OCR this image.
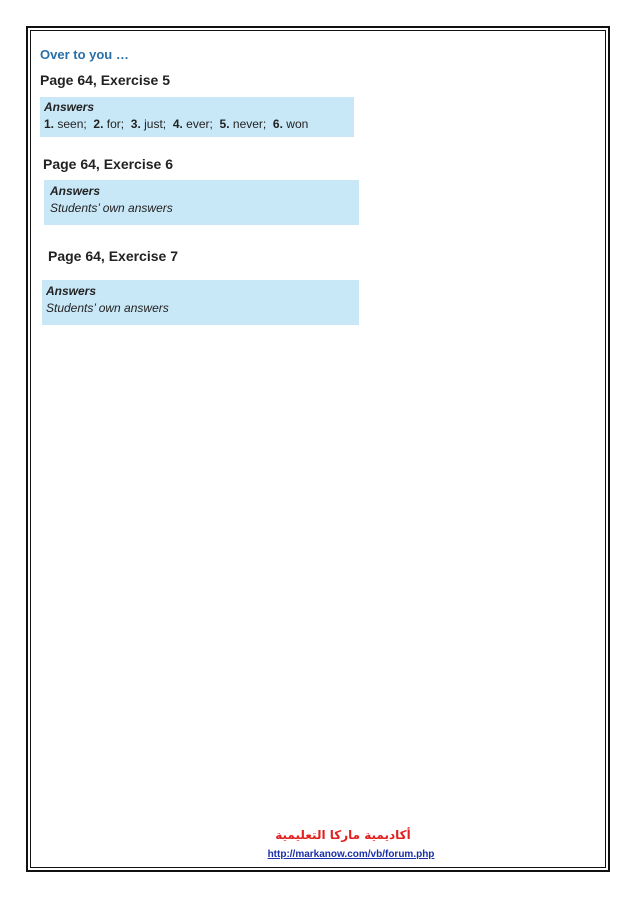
Over to you …
Page 64, Exercise 5
Answers
1. seen; 2. for; 3. just; 4. ever; 5. never; 6. won
Page 64, Exercise 6
Answers
Students’ own answers
Page 64, Exercise 7
Answers
Students’ own answers
أكاديمية ماركا التعليمية
http://markanow.com/vb/forum.php
